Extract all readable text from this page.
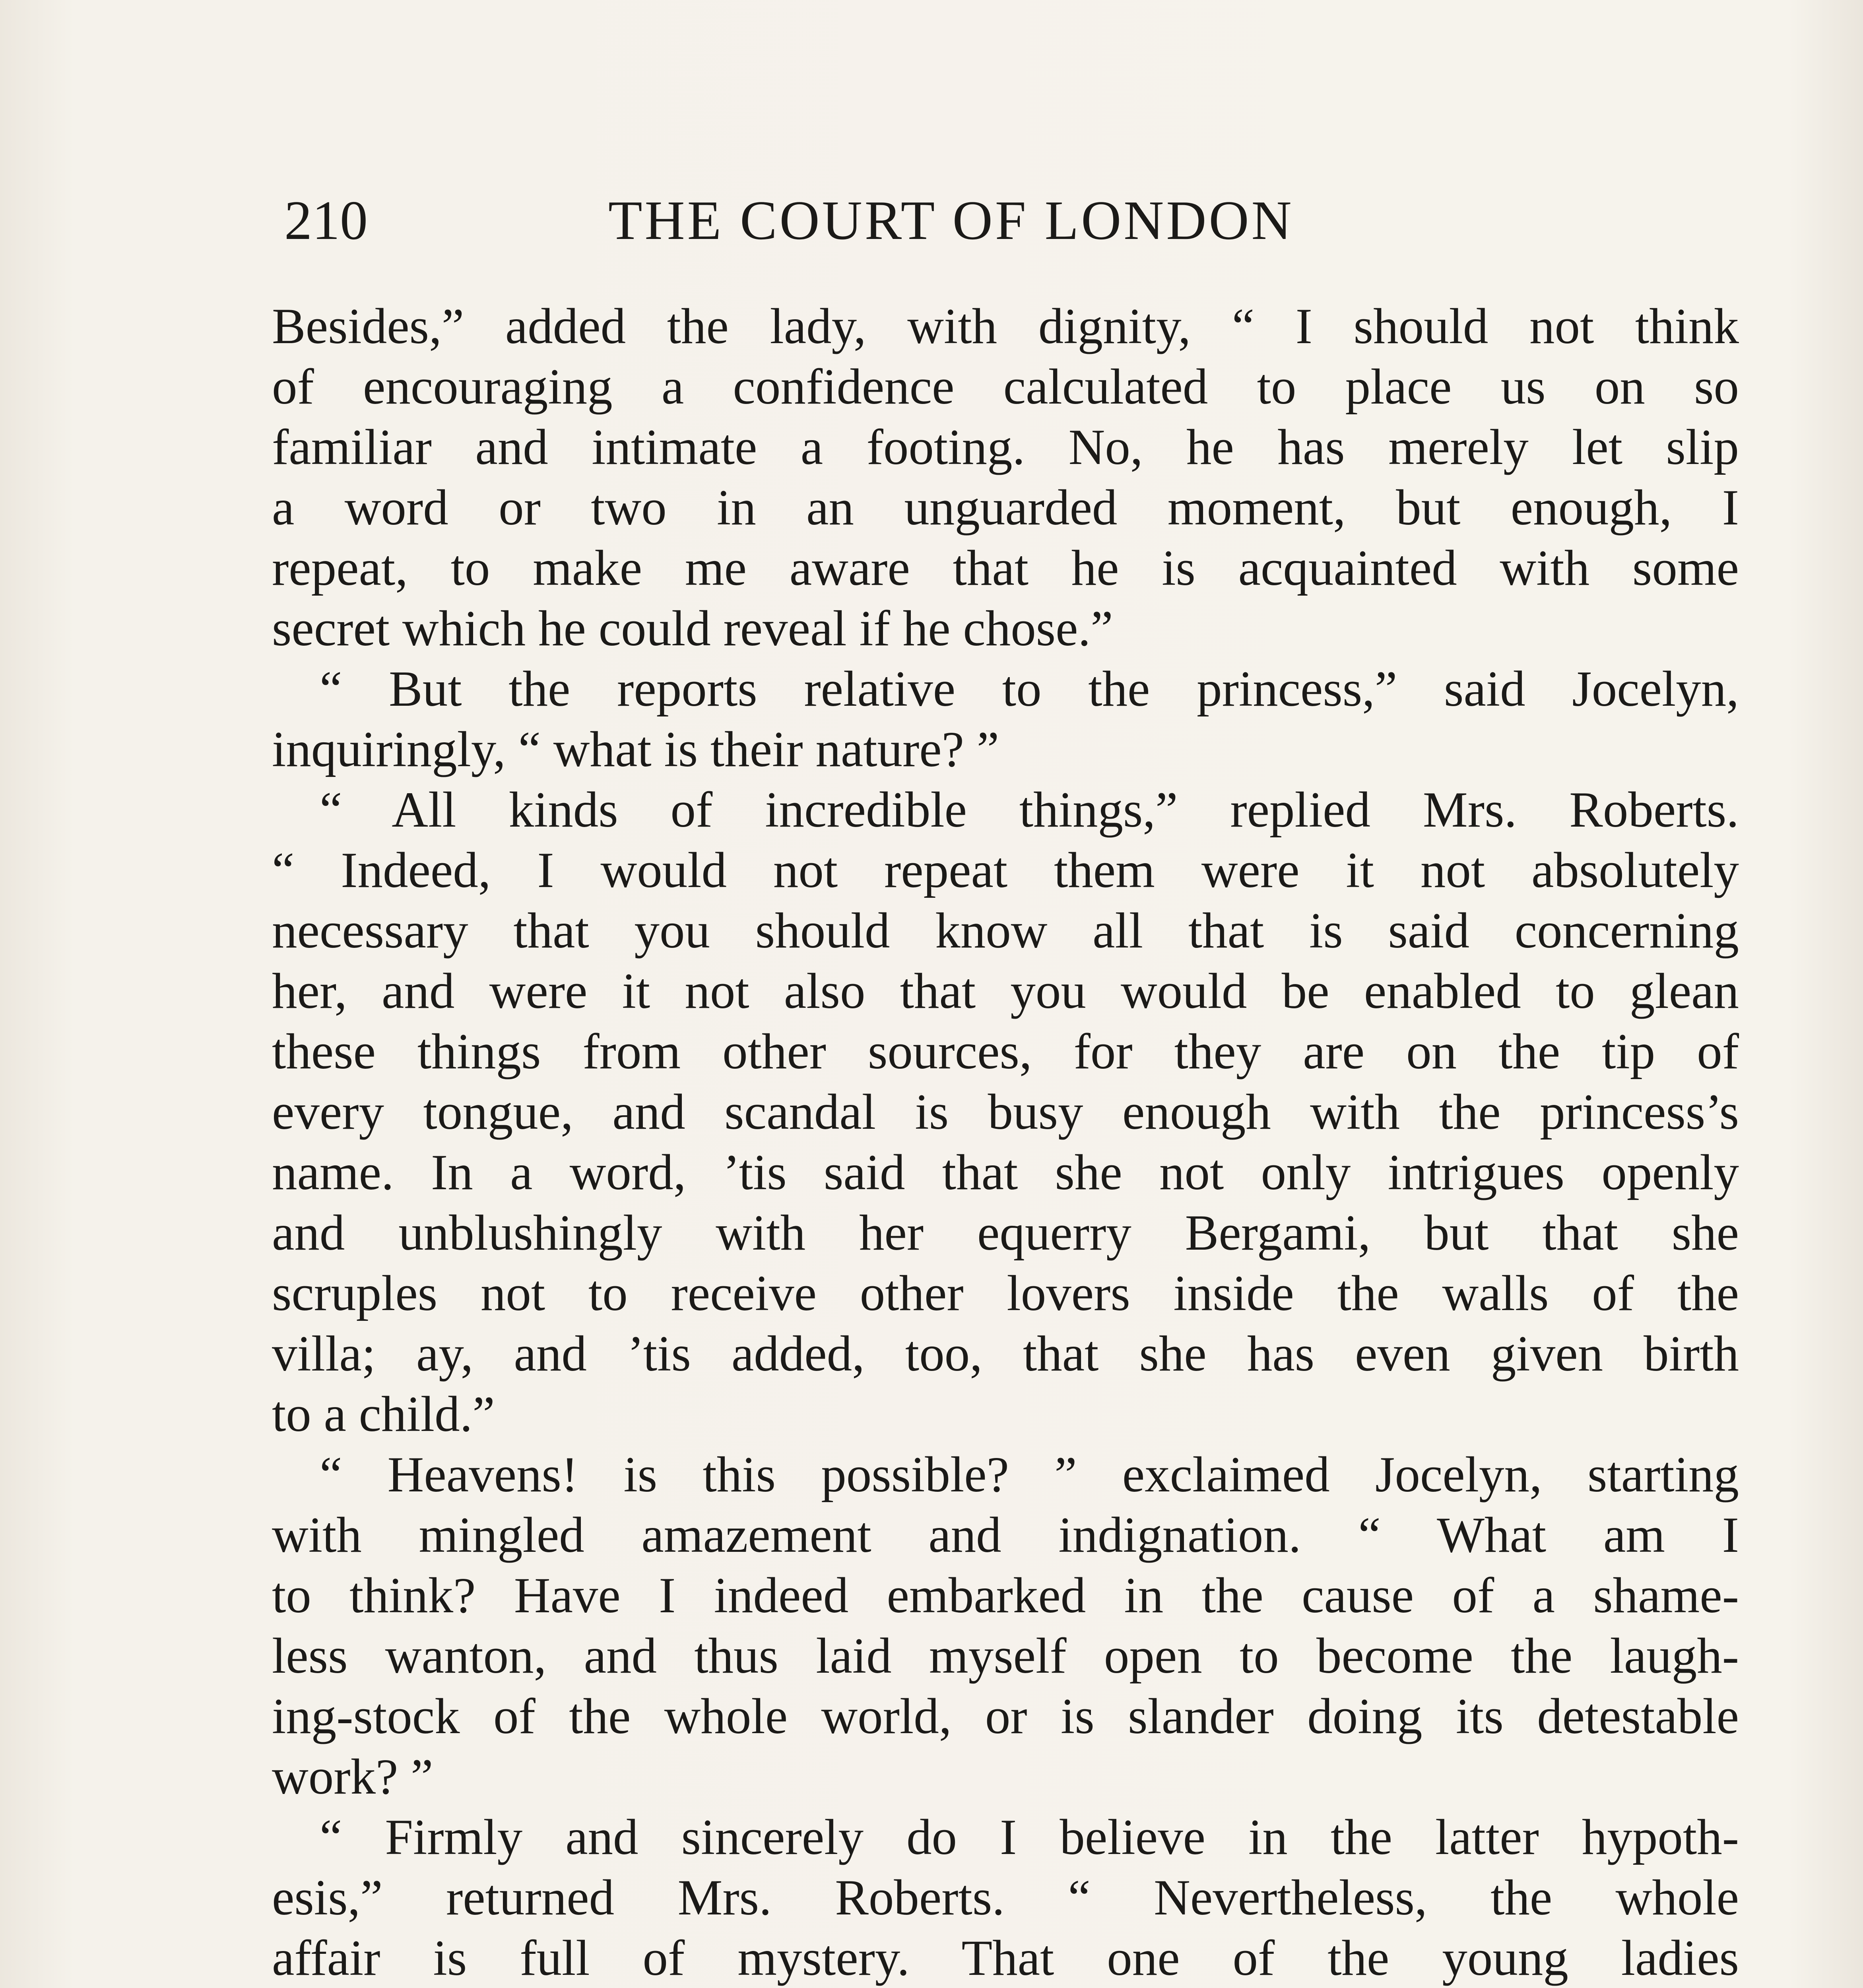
210	THE COURT OF LONDON
Besides,” added the lady, with dignity, “ I should not think
of encouraging a confidence calculated to place us on so
familiar and intimate a footing. No, he has merely let slip
a word or two in an unguarded moment, but enough, I
repeat, to make me aware that he is acquainted with some
secret which he could reveal if he chose.”
“ But the reports relative to the princess,” said Jocelyn,
inquiringly, “ what is their nature? ”
“ All kinds of incredible things,” replied Mrs. Roberts.
“ Indeed, I would not repeat them were it not absolutely
necessary that you should know all that is said concerning
her, and were it not also that you would be enabled to glean
these things from other sources, for they are on the tip of
every tongue, and scandal is busy enough with the princess’s
name. In a word, ’tis said that she not only intrigues openly
and unblushingly with her equerry Bergami, but that she
scruples not to receive other lovers inside the walls of the
villa; ay, and ’tis added, too, that she has even given birth
to a child.”
“ Heavens! is this possible? ” exclaimed Jocelyn, starting
with mingled amazement and indignation. “ What am I
to think? Have I indeed embarked in the cause of a shame-
less wanton, and thus laid myself open to become the laugh-
ing-stock of the whole world, or is slander doing its detestable
work? ”
“ Firmly and sincerely do I believe in the latter hypoth-
esis,” returned Mrs. Roberts. “ Nevertheless, the whole
affair is full of mystery. That one of the young ladies
